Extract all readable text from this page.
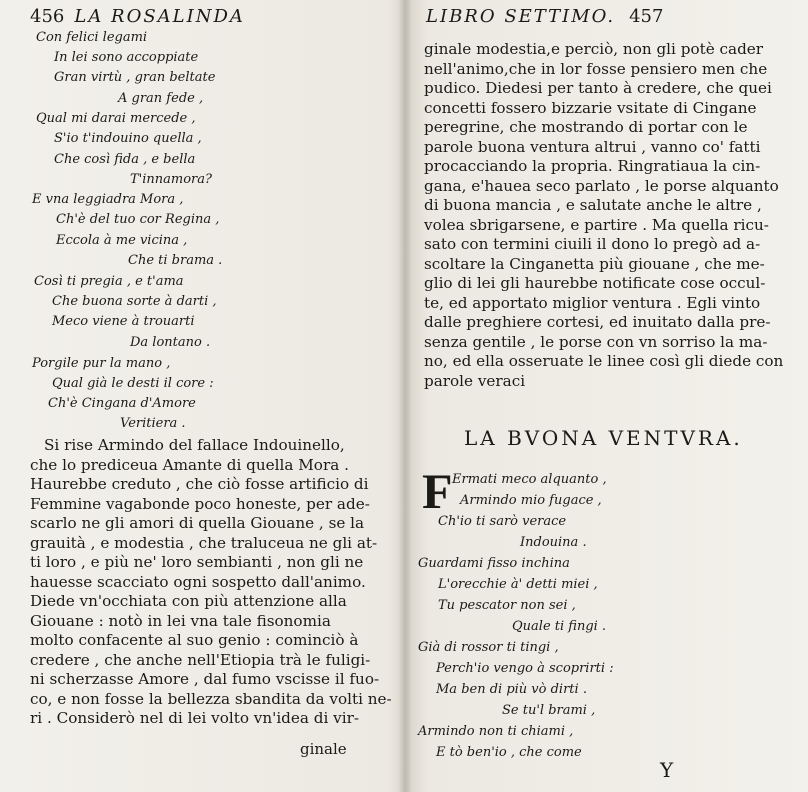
456 LA ROSALINDA
Con felici legami
In lei sono accoppiate
Gran virtù , gran beltate
A gran fede ,
Qual mi darai mercede ,
S'io t'indouino quella ,
Che così fida , e bella
T'innamora?
E vna leggiadra Mora ,
Ch'è del tuo cor Regina ,
Eccola à me vicina ,
Che ti brama .
Così ti pregia , e t'ama
Che buona sorte à darti ,
Meco viene à trouarti
Da lontano .
Porgile pur la mano ,
Qual già le desti il core :
Ch'è Cingana d'Amore
Veritiera .
Si rise Armindo del fallace Indouinello,
che lo prediceua Amante di quella Mora .
Haurebbe creduto , che ciò fosse artificio di
Femmine vagabonde poco honeste, per ade-
scarlo ne gli amori di quella Giouane , se la
grauità , e modestia , che traluceua ne gli at-
ti loro , e più ne' loro sembianti , non gli ne
hauesse scacciato ogni sospetto dall'animo.
Diede vn'occhiata con più attenzione alla
Giouane : notò in lei vna tale fisonomia
molto confacente al suo genio : cominciò à
credere , che anche nell'Etiopia trà le fuligi-
ni scherzasse Amore , dal fumo vscisse il fuo-
co, e non fosse la bellezza sbandita da volti ne-
ri . Considerò nel di lei volto vn'idea di vir-
ginale
LIBRO SETTIMO. 457
ginale modestia,e perciò, non gli potè cader
nell'animo,che in lor fosse pensiero men che
pudico. Diedesi per tanto à credere, che quei
concetti fossero bizzarie vsitate di Cingane
peregrine, che mostrando di portar con le
parole buona ventura altrui , vanno co' fatti
procacciando la propria. Ringratiaua la cin-
gana, e'hauea seco parlato , le porse alquanto
di buona mancia , e salutate anche le altre ,
volea sbrigarsene, e partire . Ma quella ricu-
sato con termini ciuili il dono lo pregò ad a-
scoltare la Cinganetta più giouane , che me-
glio di lei gli haurebbe notificate cose occul-
te, ed apportato miglior ventura . Egli vinto
dalle preghiere cortesi, ed inuitato dalla pre-
senza gentile , le porse con vn sorriso la ma-
no, ed ella osseruate le linee così gli diede con
parole veraci
LA BVONA VENTVRA.
F Ermati meco alquanto ,
Armindo mio fugace ,
Ch'io ti sarò verace
Indouina .
Guardami fisso inchina
L'orecchie à' detti miei ,
Tu pescator non sei ,
Quale ti fingi .
Già di rossor ti tingi ,
Perch'io vengo à scoprirti :
Ma ben di più vò dirti .
Se tu'l brami ,
Armindo non ti chiami ,
E tò ben'io , che come
Y
